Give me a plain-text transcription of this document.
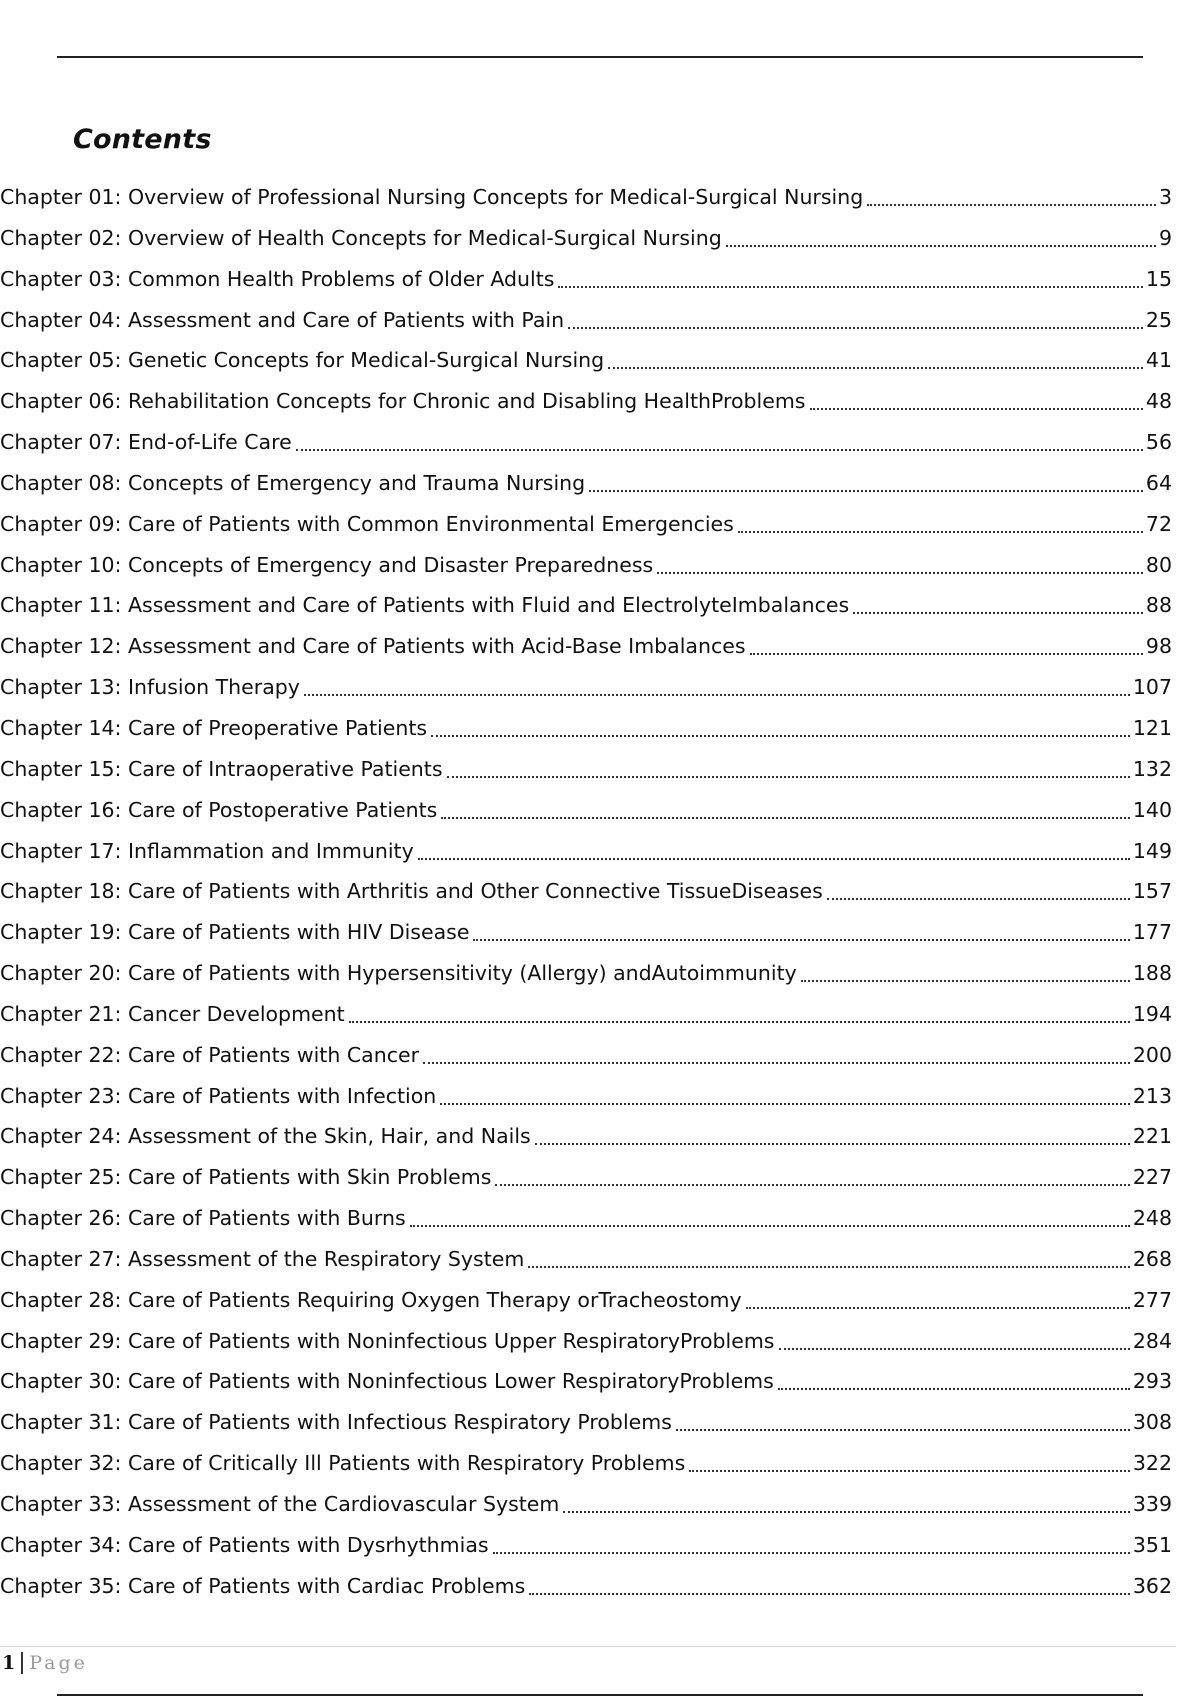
Contents
Chapter 01: Overview of Professional Nursing Concepts for Medical-Surgical Nursing	3
Chapter 02: Overview of Health Concepts for Medical-Surgical Nursing	9
Chapter 03: Common Health Problems of Older Adults	15
Chapter 04: Assessment and Care of Patients with Pain	25
Chapter 05: Genetic Concepts for Medical-Surgical Nursing	41
Chapter 06: Rehabilitation Concepts for Chronic and Disabling HealthProblems	48
Chapter 07: End-of-Life Care	56
Chapter 08: Concepts of Emergency and Trauma Nursing	64
Chapter 09: Care of Patients with Common Environmental Emergencies	72
Chapter 10: Concepts of Emergency and Disaster Preparedness	80
Chapter 11: Assessment and Care of Patients with Fluid and ElectrolyteImbalances	88
Chapter 12: Assessment and Care of Patients with Acid-Base Imbalances	98
Chapter 13: Infusion Therapy	107
Chapter 14: Care of Preoperative Patients	121
Chapter 15: Care of Intraoperative Patients	132
Chapter 16: Care of Postoperative Patients	140
Chapter 17: Inflammation and Immunity	149
Chapter 18: Care of Patients with Arthritis and Other Connective TissueDiseases	157
Chapter 19: Care of Patients with HIV Disease	177
Chapter 20: Care of Patients with Hypersensitivity (Allergy) andAutoimmunity	188
Chapter 21: Cancer Development	194
Chapter 22: Care of Patients with Cancer	200
Chapter 23: Care of Patients with Infection	213
Chapter 24: Assessment of the Skin, Hair, and Nails	221
Chapter 25: Care of Patients with Skin Problems	227
Chapter 26: Care of Patients with Burns	248
Chapter 27: Assessment of the Respiratory System	268
Chapter 28: Care of Patients Requiring Oxygen Therapy orTracheostomy	277
Chapter 29: Care of Patients with Noninfectious Upper RespiratoryProblems	284
Chapter 30: Care of Patients with Noninfectious Lower RespiratoryProblems	293
Chapter 31: Care of Patients with Infectious Respiratory Problems	308
Chapter 32: Care of Critically Ill Patients with Respiratory Problems	322
Chapter 33: Assessment of the Cardiovascular System	339
Chapter 34: Care of Patients with Dysrhythmias	351
Chapter 35: Care of Patients with Cardiac Problems	362
1 Page
